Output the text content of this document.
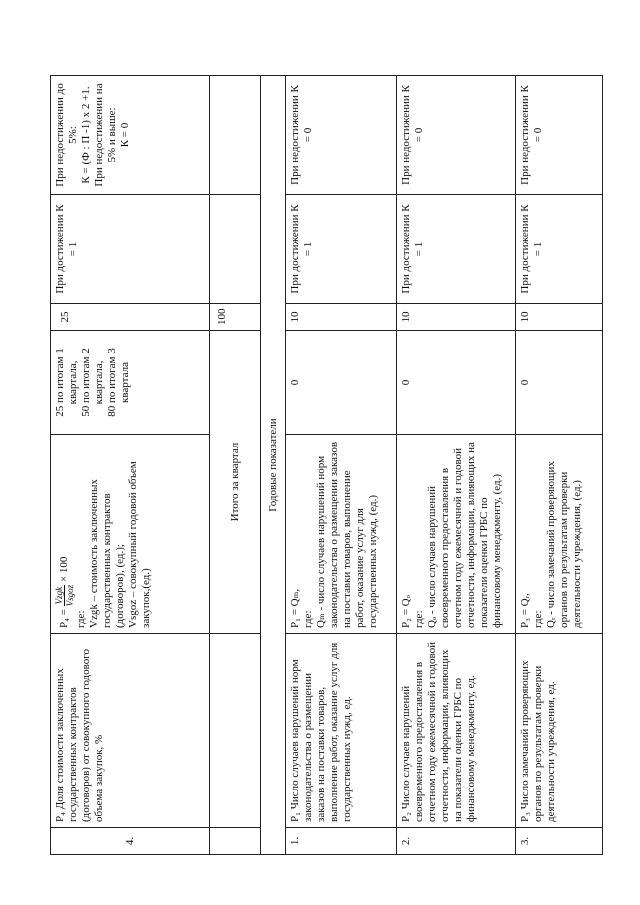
4.
P₄ Доля стоимости заключенных государственных контрактов (договоров) от совокупного годового объема закупок, %
P₄ =
Vzgk Vsgoz
× 100
где:
Vzgk – стоимость заключенных государственных контрактов (договоров), (ед.);
Vsgoz – совокупный годовой объем закупок,(ед.)
25 по итогам 1 квартала,
50 по итогам 2 квартала,
80 по итогам 3 квартала
25
При достижении К = 1
При недостижении до 5%:
К = (Ф : П -1) х 2 +1.
При недостижении на 5% и выше:
К = 0
Итого за квартал
100
Годовые показатели
1.
P₁ Число случаев нарушений норм законодательства о размещении заказов на поставки товаров, выполнение работ, оказание услуг для государственных нужд, ед.
P₁ = Qₘ,
где:
Qₘ - число случаев нарушений норм законодательства о размещении заказов на поставки товаров, выполнение работ, оказание услуг для государственных нужд, (ед.)
0
10
При достижении К = 1
При недостижении К = 0
2.
P₂ Число случаев нарушений своевременного предоставления в отчетном году ежемесячной и годовой отчетности, информации, влияющих на показатели оценки ГРБС по финансовому менеджменту, ед.
P₂ = Qₒ
где:
Qₒ - число случаев нарушений своевременного предоставления в отчетном году ежемесячной и годовой отчетности, информации, влияющих на показатели оценки ГРБС по финансовому менеджменту, (ед.)
0
10
При достижении К = 1
При недостижении К = 0
3.
P₃ Число замечаний проверяющих органов по результатам проверки деятельности учреждения, ед.
P₃ = Qᵣ,
где:
Qᵣ - число замечаний проверяющих органов по результатам проверки деятельности учреждения, (ед.)
0
10
При достижении К = 1
При недостижении К = 0
